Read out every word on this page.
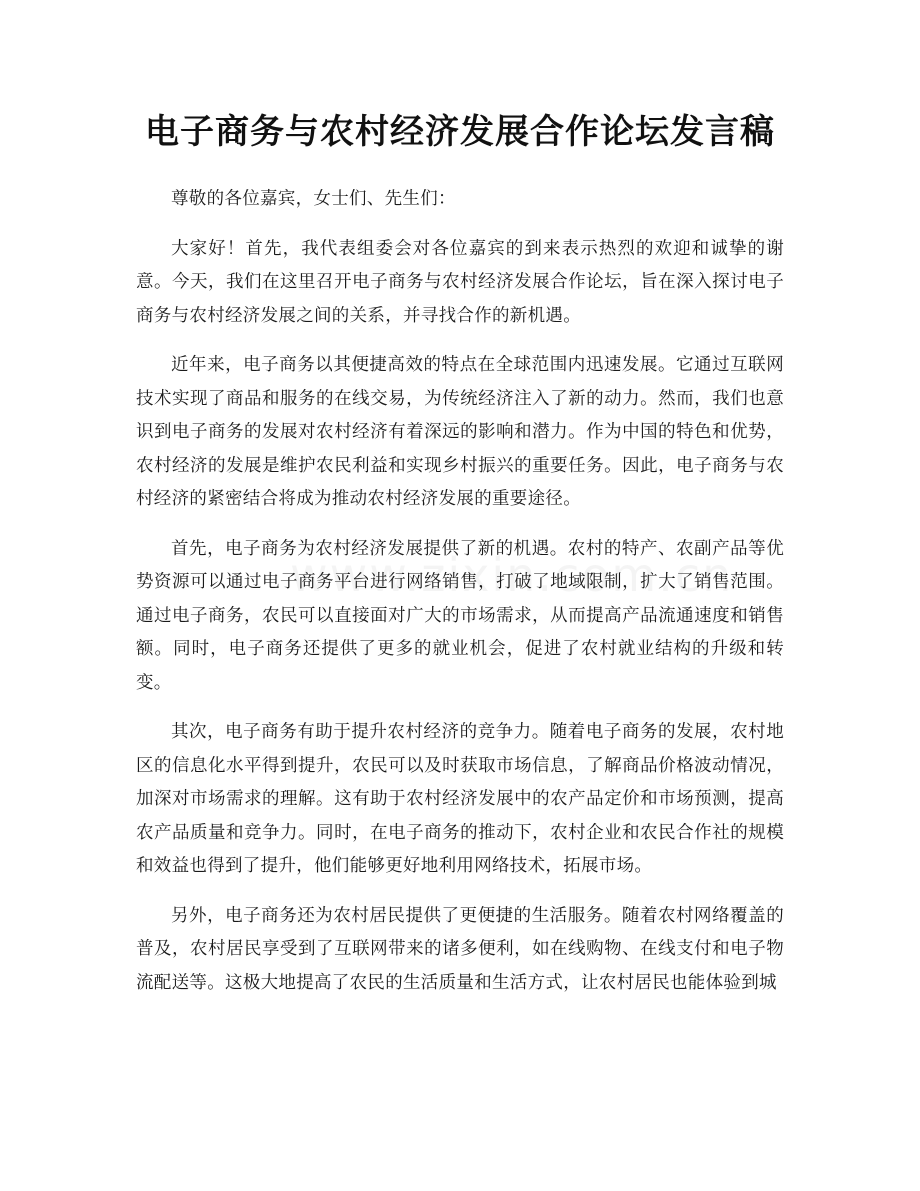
电子商务与农村经济发展合作论坛发言稿

尊敬的各位嘉宾，女士们、先生们：

大家好！首先，我代表组委会对各位嘉宾的到来表示热烈的欢迎和诚挚的谢意。今天，我们在这里召开电子商务与农村经济发展合作论坛，旨在深入探讨电子商务与农村经济发展之间的关系，并寻找合作的新机遇。

近年来，电子商务以其便捷高效的特点在全球范围内迅速发展。它通过互联网技术实现了商品和服务的在线交易，为传统经济注入了新的动力。然而，我们也意识到电子商务的发展对农村经济有着深远的影响和潜力。作为中国的特色和优势，农村经济的发展是维护农民利益和实现乡村振兴的重要任务。因此，电子商务与农村经济的紧密结合将成为推动农村经济发展的重要途径。

首先，电子商务为农村经济发展提供了新的机遇。农村的特产、农副产品等优势资源可以通过电子商务平台进行网络销售，打破了地域限制，扩大了销售范围。通过电子商务，农民可以直接面对广大的市场需求，从而提高产品流通速度和销售额。同时，电子商务还提供了更多的就业机会，促进了农村就业结构的升级和转变。

其次，电子商务有助于提升农村经济的竞争力。随着电子商务的发展，农村地区的信息化水平得到提升，农民可以及时获取市场信息，了解商品价格波动情况，加深对市场需求的理解。这有助于农村经济发展中的农产品定价和市场预测，提高农产品质量和竞争力。同时，在电子商务的推动下，农村企业和农民合作社的规模和效益也得到了提升，他们能够更好地利用网络技术，拓展市场。

另外，电子商务还为农村居民提供了更便捷的生活服务。随着农村网络覆盖的普及，农村居民享受到了互联网带来的诸多便利，如在线购物、在线支付和电子物流配送等。这极大地提高了农民的生活质量和生活方式，让农村居民也能体验到城
